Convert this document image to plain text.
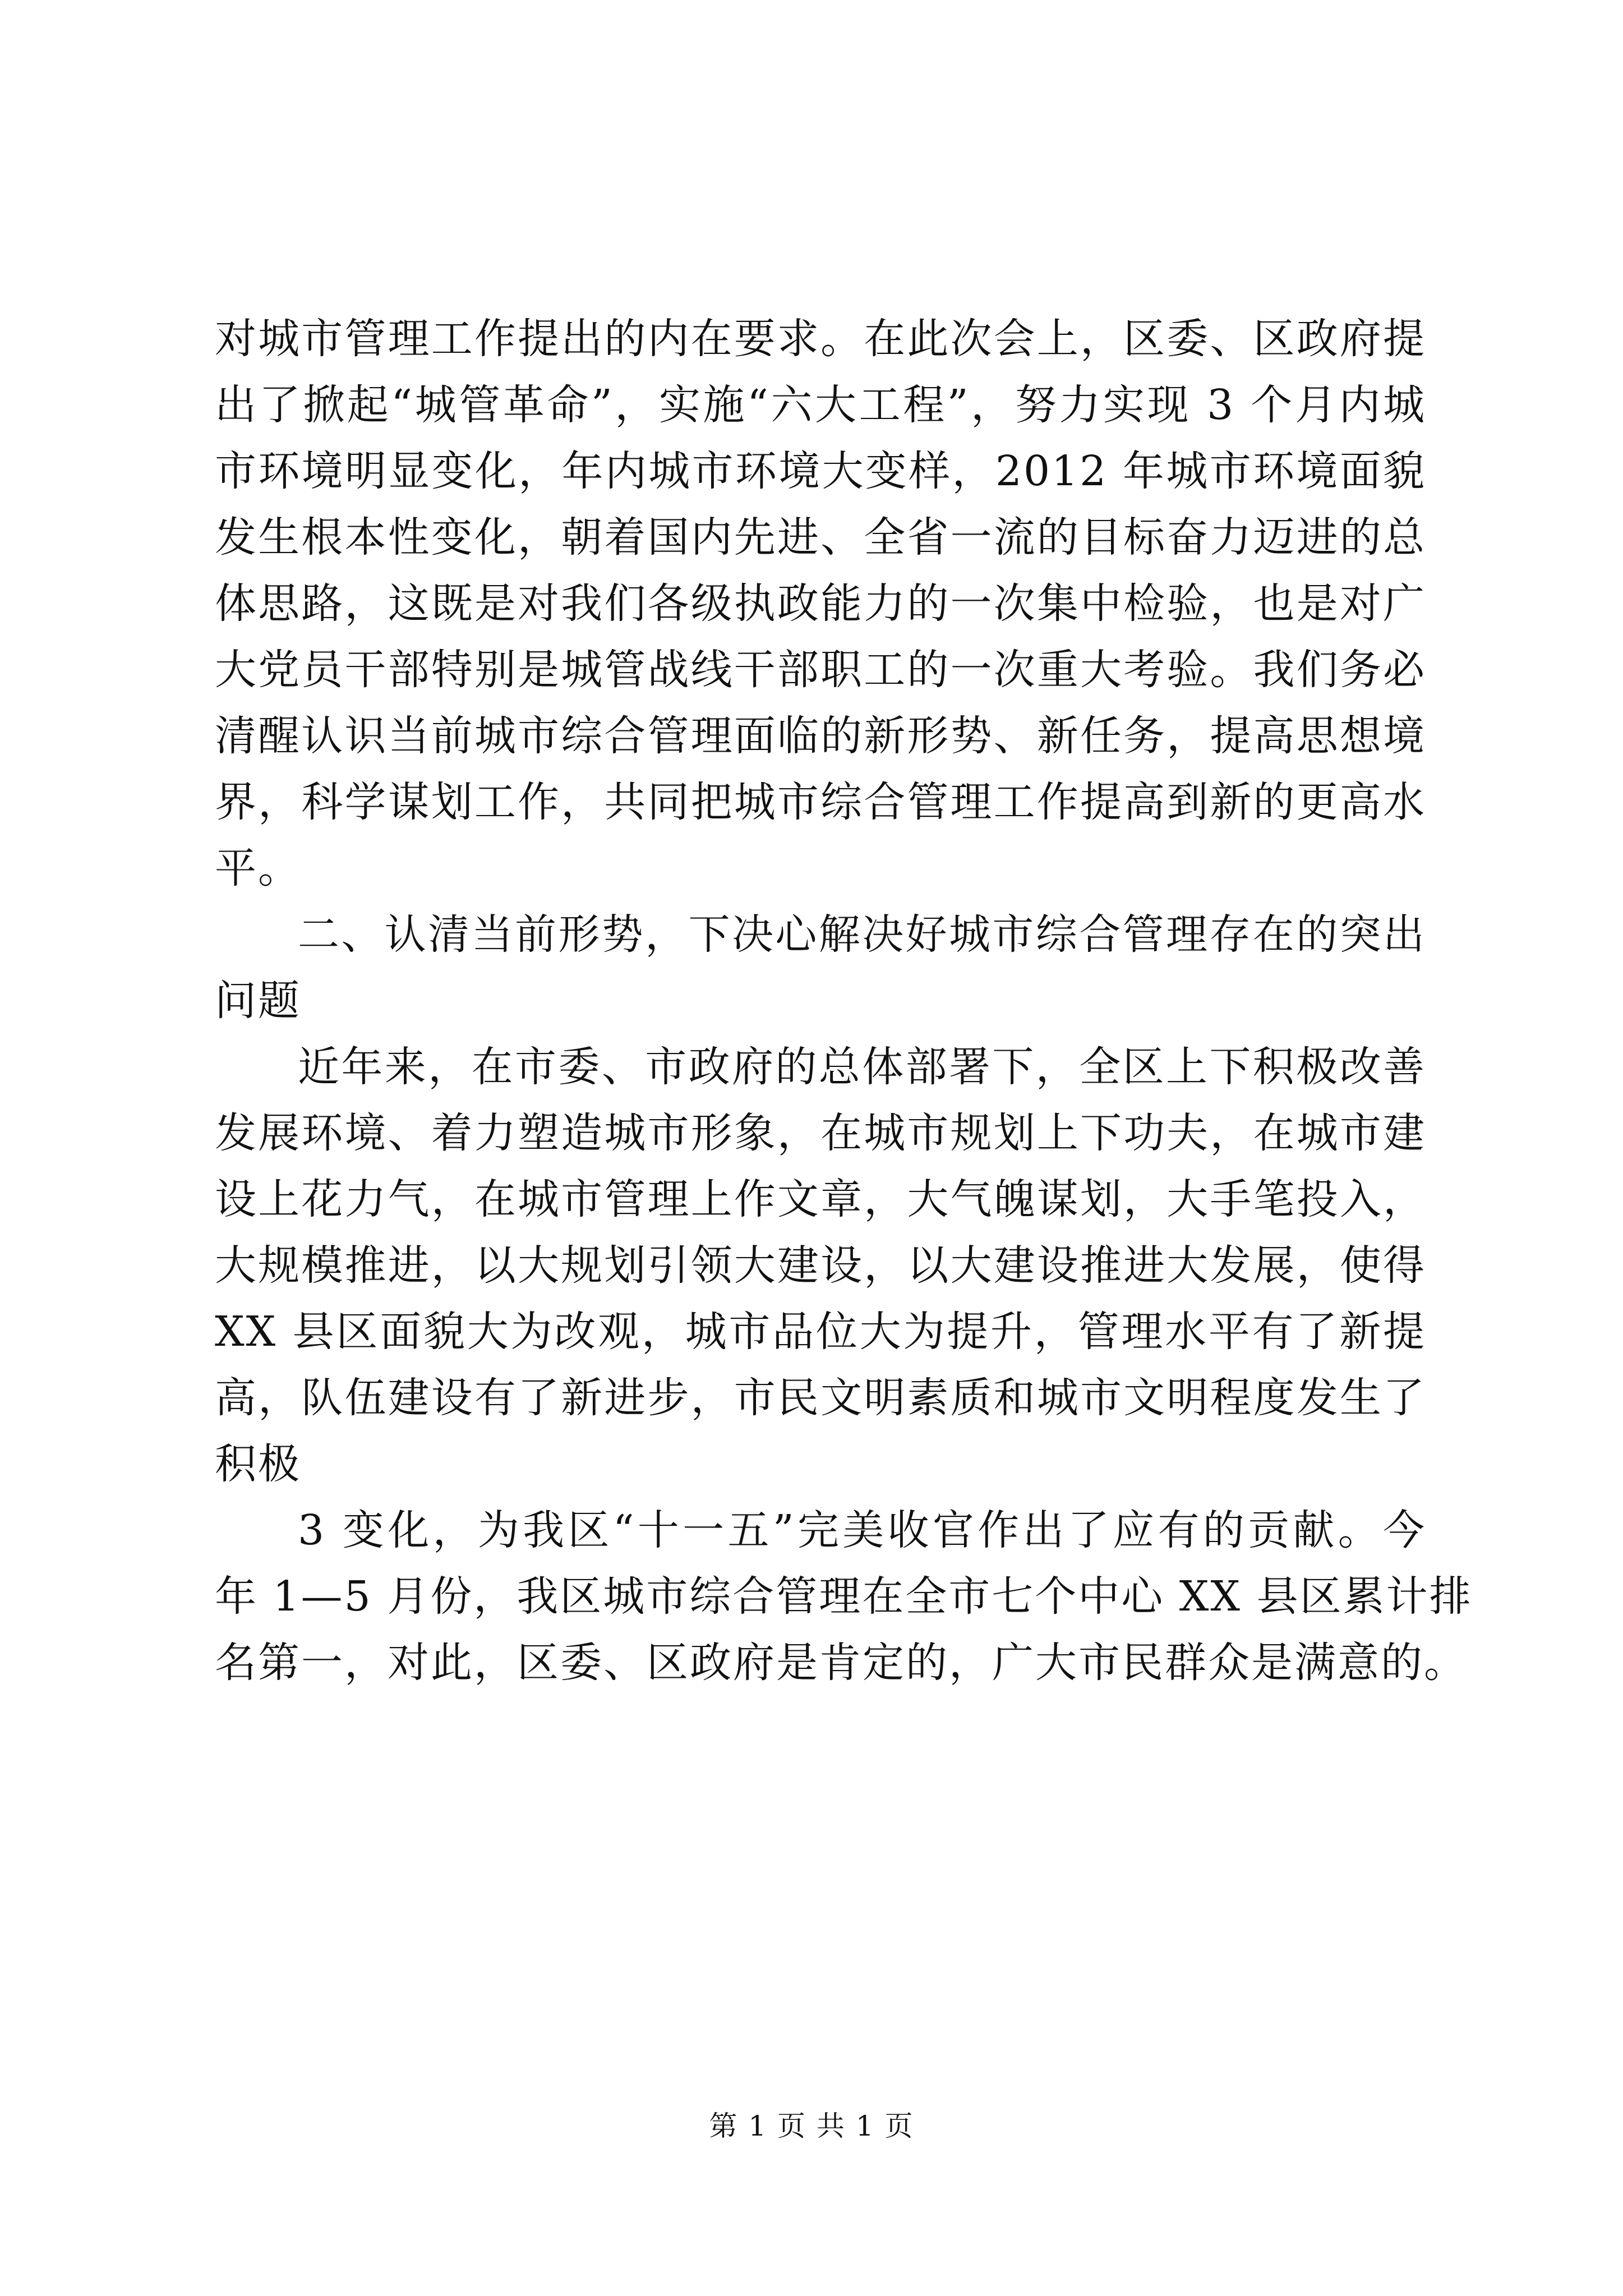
对城市管理工作提出的内在要求。在此次会上，区委、区政府提
出了掀起“城管革命”，实施“六大工程”，努力实现 3 个月内城
市环境明显变化，年内城市环境大变样，2012 年城市环境面貌
发生根本性变化，朝着国内先进、全省一流的目标奋力迈进的总
体思路，这既是对我们各级执政能力的一次集中检验，也是对广
大党员干部特别是城管战线干部职工的一次重大考验。我们务必
清醒认识当前城市综合管理面临的新形势、新任务，提高思想境
界，科学谋划工作，共同把城市综合管理工作提高到新的更高水
平。
二、认清当前形势，下决心解决好城市综合管理存在的突出
问题
近年来，在市委、市政府的总体部署下，全区上下积极改善
发展环境、着力塑造城市形象，在城市规划上下功夫，在城市建
设上花力气，在城市管理上作文章，大气魄谋划，大手笔投入，
大规模推进，以大规划引领大建设，以大建设推进大发展，使得
XX 县区面貌大为改观，城市品位大为提升，管理水平有了新提
高，队伍建设有了新进步，市民文明素质和城市文明程度发生了
积极
3 变化，为我区“十一五”完美收官作出了应有的贡献。今
年 1—5 月份，我区城市综合管理在全市七个中心 XX 县区累计排
名第一，对此，区委、区政府是肯定的，广大市民群众是满意的。
第 1 页 共 1 页
